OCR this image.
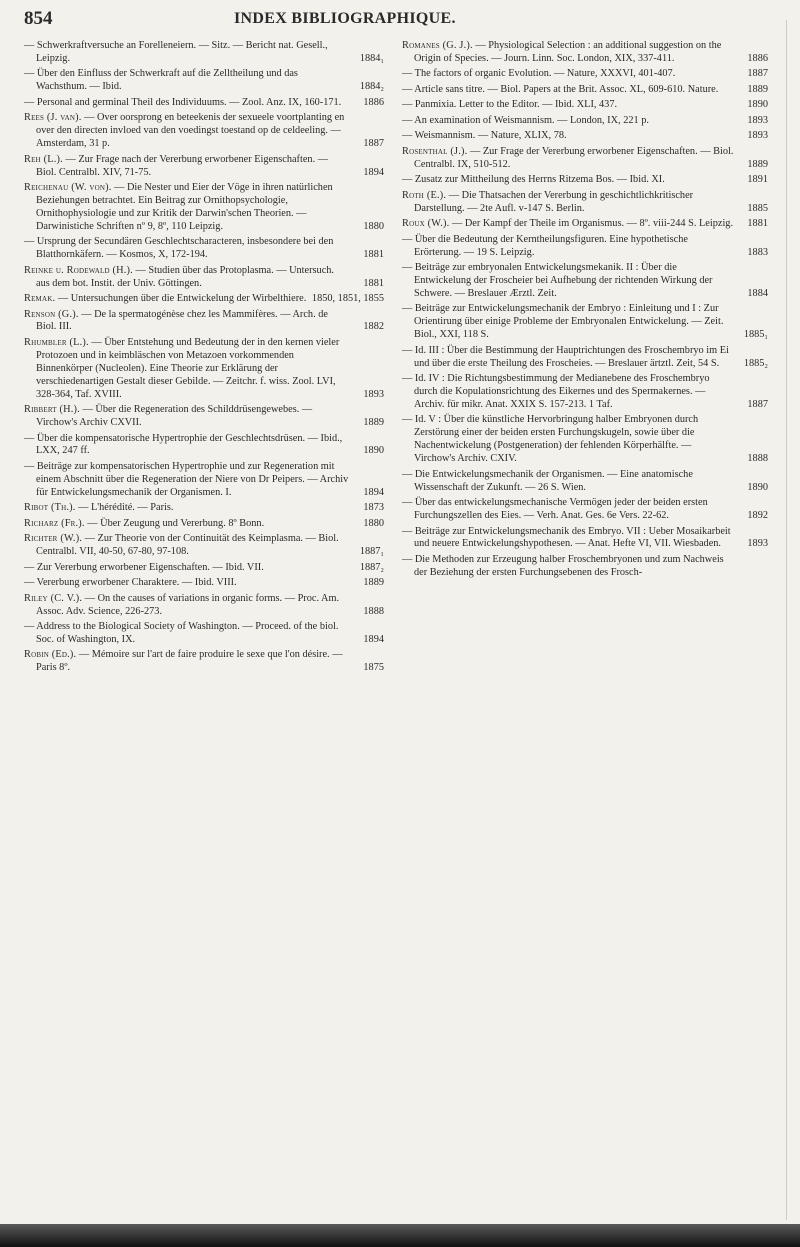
854	INDEX BIBLIOGRAPHIQUE.
— Schwerkraftversuche an Forelleneiern. — Sitz. — Bericht nat. Gesell., Leipzig.	1884₁
— Über den Einfluss der Schwerkraft auf die Zelltheilung und das Wachsthum. — Ibid.	1884₂
— Personal and germinal Theil des Individuums. — Zool. Anz. IX, 160-171. 1886
Rees (J. van). — Over oorsprong en beteekenis der sexueele voortplanting en over den directen invloed van den voedingst toestand op de celdeeling. — Amsterdam, 31 p.	1887
Reh (L.). — Zur Frage nach der Vererbung erworbener Eigenschaften. — Biol. Centralbl. XIV, 71-75.	1894
Reichenau (W. von). — Die Nester und Eier der Vöge in ihren natürlichen Beziehungen betrachtet. Ein Beitrag zur Ornithopsychologie, Ornithophysiologie und zur Kritik der Darwin'schen Theorien. — Darwinistiche Schriften nº 9, 8º, 110 Leipzig.	1880
— Ursprung der Secundären Geschlechtscharacteren, insbesondere bei den Blatthornkäfern. — Kosmos, X, 172-194.	1881
Reinke u. Rodewald (H.). — Studien über das Protoplasma. — Untersuch. aus dem bot. Instit. der Univ. Göttingen.	1881
Remak. — Untersuchungen über die Entwickelung der Wirbelthiere. 1850, 1851, 1855
Renson (G.). — De la spermatogénèse chez les Mammifères. — Arch. de Biol. III.	1882
Rhumbler (L.). — Über Entstehung und Bedeutung der in den kernen vieler Protozoen und in keimbläschen von Metazoen vorkommenden Binnenkörper (Nucleolen). Eine Theorie zur Erklärung der verschiedenartigen Gestalt dieser Gebilde. — Zeitchr. f. wiss. Zool. LVI, 328-364, Taf. XVIII.	1893
Ribbert (H.). — Über die Regeneration des Schilddrüsengewebes. — Virchow's Archiv CXVII.	1889
— Über die kompensatorische Hypertrophie der Geschlechtsdrüsen. — Ibid., LXX, 247 ff.	1890
— Beiträge zur kompensatorischen Hypertrophie und zur Regeneration mit einem Abschnitt über die Regeneration der Niere von Dr Peipers. — Archiv für Entwickelungsmechanik der Organismen. I.	1894
Ribot (Th.). — L'hérédité. — Paris.	1873
Richarz (Fr.). — Über Zeugung und Vererbung. 8º Bonn.	1880
Richter (W.). — Zur Theorie von der Continuität des Keimplasma. — Biol. Centralbl. VII, 40-50, 67-80, 97-108.	1887₁
— Zur Vererbung erworbener Eigenschaften. — Ibid. VII.	1887₂
— Vererbung erworbener Charaktere. — Ibid. VIII.	1889
Riley (C. V.). — On the causes of variations in organic forms. — Proc. Am. Assoc. Adv. Science, 226-273.	1888
— Address to the Biological Society of Washington. — Proceed. of the biol. Soc. of Washington, IX.	1894
Robin (Ed.). — Mémoire sur l'art de faire produire le sexe que l'on désire. — Paris 8º.	1875
Romanes (G. J.). — Physiological Selection : an additional suggestion on the Origin of Species. — Journ. Linn. Soc. London, XIX, 337-411.	1886
— The factors of organic Evolution. — Nature, XXXVI, 401-407.	1887
— Article sans titre. — Biol. Papers at the Brit. Assoc. XL, 609-610. Nature.	1889
— Panmixia. Letter to the Editor. — Ibid. XLI, 437.	1890
— An examination of Weismannism. — London, IX, 221 p.	1893
— Weismannism. — Nature, XLIX, 78.	1893
Rosenthal (J.). — Zur Frage der Vererbung erworbener Eigenschaften. — Biol. Centralbl. IX, 510-512.	1889
— Zusatz zur Mittheilung des Herrns Ritzema Bos. — Ibid. XI.	1891
Roth (E.). — Die Thatsachen der Vererbung in geschichtlichkritischer Darstellung. — 2te Aufl. v-147 S. Berlin.	1885
Roux (W.). — Der Kampf der Theile im Organismus. — 8º. viii-244 S. Leipzig. 1881
— Über die Bedeutung der Kerntheilungsfiguren. Eine hypothetische Erörterung. — 19 S. Leipzig.	1883
— Beiträge zur embryonalen Entwickelungsmekanik. II : Über die Entwickelung der Froscheier bei Aufhebung der richtenden Wirkung der Schwere. — Breslauer Ærztl. Zeit.	1884
— Beiträge zur Entwickelungsmechanik der Embryo : Einleitung und I : Zur Orientirung über einige Probleme der Embryonalen Entwickelung. — Zeit. Biol., XXI, 118 S.	1885₁
— Id. III : Über die Bestimmung der Hauptrichtungen des Froschembryo im Ei und über die erste Theilung des Froscheies. — Breslauer ärtztl. Zeit, 54 S. 1885₂
— Id. IV : Die Richtungsbestimmung der Medianebene des Froschembryo durch die Kopulationsrichtung des Eikernes und des Spermakernes. — Archiv. für mikr. Anat. XXIX S. 157-213. 1 Taf.	1887
— Id. V : Über die künstliche Hervorbringung halber Embryonen durch Zerstörung einer der beiden ersten Furchungskugeln, sowie über die Nachentwickelung (Postgeneration) der fehlenden Körperhälfte. — Virchow's Archiv. CXIV.	1888
— Die Entwickelungsmechanik der Organismen. — Eine anatomische Wissenschaft der Zukunft. — 26 S. Wien.	1890
— Über das entwickelungsmechanische Vermögen jeder der beiden ersten Furchungszellen des Eies. — Verh. Anat. Ges. 6e Vers. 22-62.	1892
— Beiträge zur Entwickelungsmechanik des Embryo. VII : Ueber Mosaikarbeit und neuere Entwickelungshypothesen. — Anat. Hefte VI, VII. Wiesbaden.	1893
— Die Methoden zur Erzeugung halber Froschembryonen und zum Nachweis der Beziehung der ersten Furchungsebenen des Frosch-
